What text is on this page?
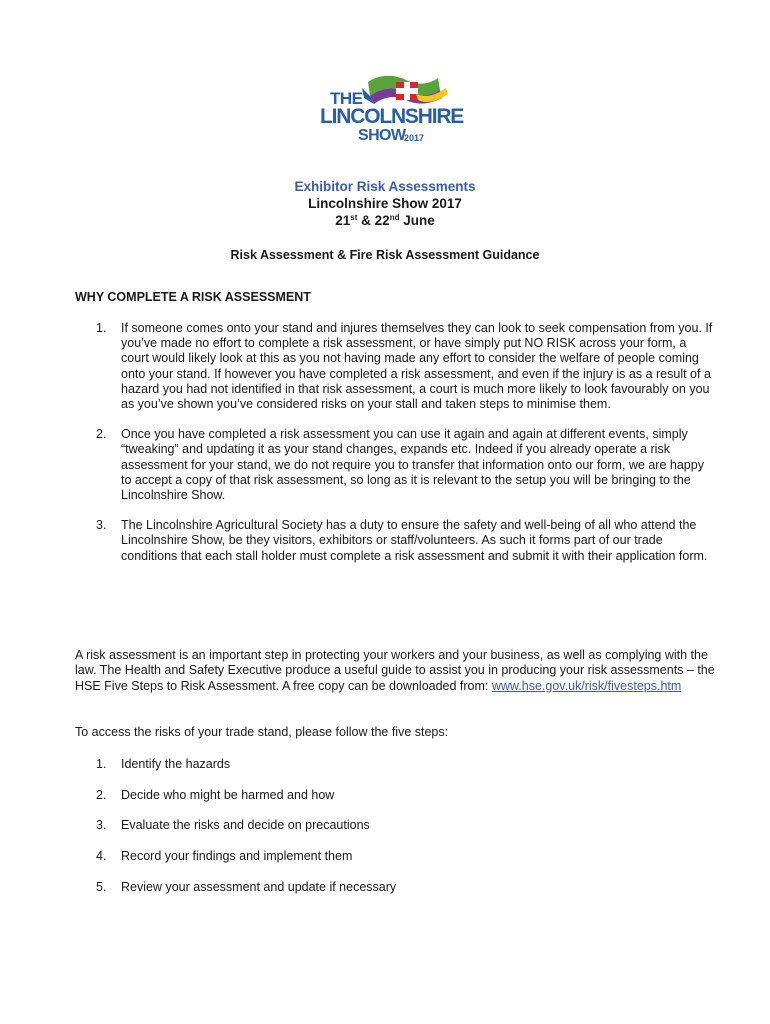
THE
LINCOLNSHIRE
SHOW
2017
Exhibitor Risk Assessments
Lincolnshire Show 2017
21st & 22nd June
Risk Assessment & Fire Risk Assessment Guidance
WHY COMPLETE A RISK ASSESSMENT
1. If someone comes onto your stand and injures themselves they can look to seek compensation from you. If you’ve made no effort to complete a risk assessment, or have simply put NO RISK across your form, a court would likely look at this as you not having made any effort to consider the welfare of people coming onto your stand. If however you have completed a risk assessment, and even if the injury is as a result of a hazard you had not identified in that risk assessment, a court is much more likely to look favourably on you as you’ve shown you’ve considered risks on your stall and taken steps to minimise them.
2. Once you have completed a risk assessment you can use it again and again at different events, simply “tweaking” and updating it as your stand changes, expands etc. Indeed if you already operate a risk assessment for your stand, we do not require you to transfer that information onto our form, we are happy to accept a copy of that risk assessment, so long as it is relevant to the setup you will be bringing to the Lincolnshire Show.
3. The Lincolnshire Agricultural Society has a duty to ensure the safety and well-being of all who attend the Lincolnshire Show, be they visitors, exhibitors or staff/volunteers. As such it forms part of our trade conditions that each stall holder must complete a risk assessment and submit it with their application form.

A risk assessment is an important step in protecting your workers and your business, as well as complying with the law. The Health and Safety Executive produce a useful guide to assist you in producing your risk assessments – the HSE Five Steps to Risk Assessment. A free copy can be downloaded from: www.hse.gov.uk/risk/fivesteps.htm

To access the risks of your trade stand, please follow the five steps:

1. Identify the hazards
2. Decide who might be harmed and how
3. Evaluate the risks and decide on precautions
4. Record your findings and implement them
5. Review your assessment and update if necessary
